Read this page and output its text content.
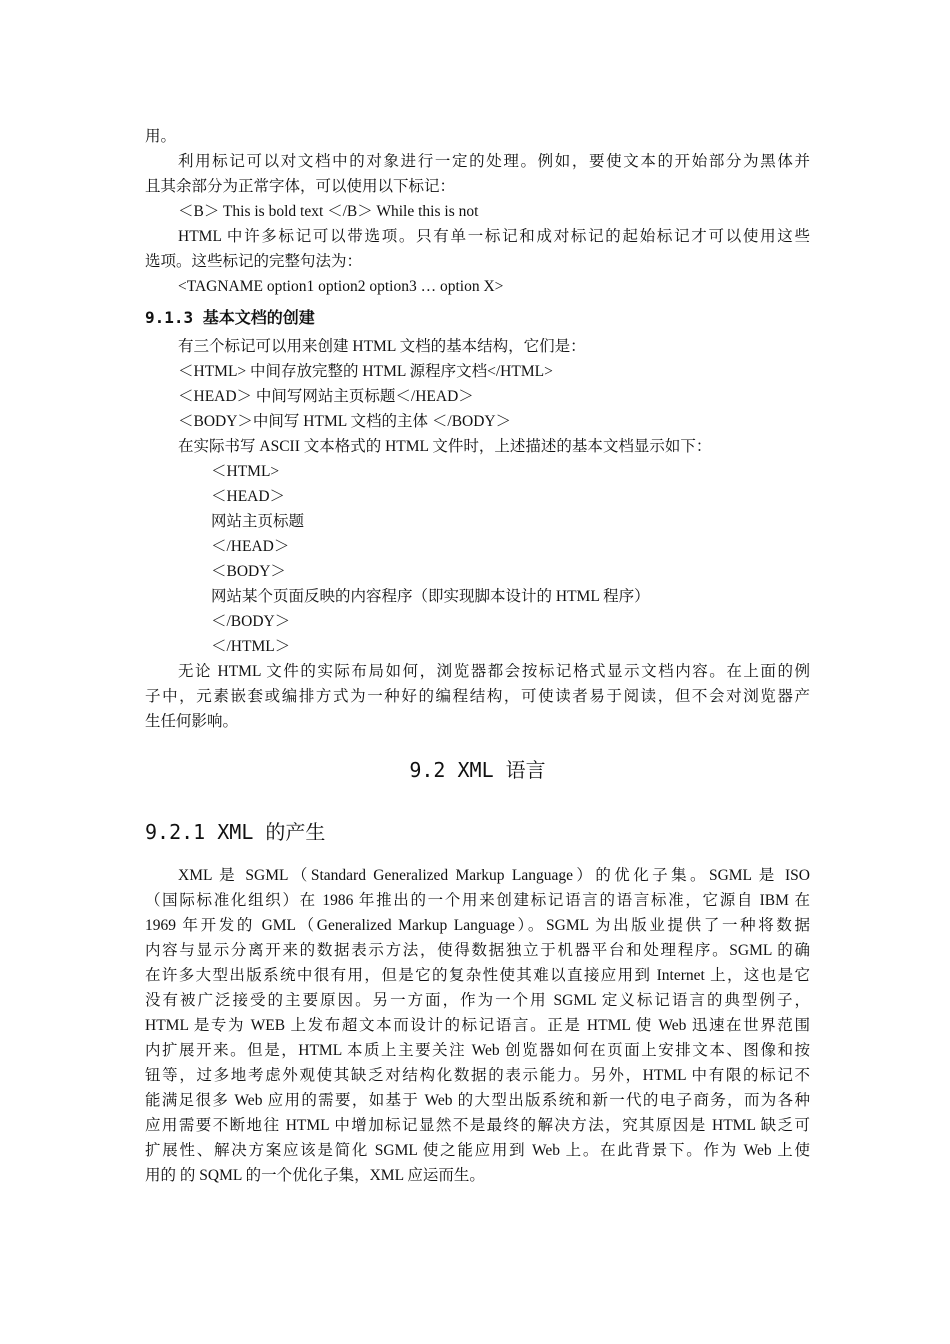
用。
利用标记可以对文档中的对象进行一定的处理。例如，要使文本的开始部分为黑体并
且其余部分为正常字体，可以使用以下标记：
＜B＞ This is bold text ＜/B＞ While this is not
HTML 中许多标记可以带选项。只有单一标记和成对标记的起始标记才可以使用这些
选项。这些标记的完整句法为：
<TAGNAME option1 option2 option3 … option X>
9.1.3 基本文档的创建
有三个标记可以用来创建 HTML 文档的基本结构，它们是：
＜HTML> 中间存放完整的 HTML 源程序文档</HTML>
＜HEAD＞ 中间写网站主页标题＜/HEAD＞
＜BODY＞中间写 HTML 文档的主体 ＜/BODY＞
在实际书写 ASCII 文本格式的 HTML 文件时，上述描述的基本文档显示如下：
＜HTML>
＜HEAD＞
网站主页标题
＜/HEAD＞
＜BODY＞
网站某个页面反映的内容程序（即实现脚本设计的 HTML 程序）
＜/BODY＞
＜/HTML＞
无论 HTML 文件的实际布局如何，浏览器都会按标记格式显示文档内容。在上面的例
子中，元素嵌套或编排方式为一种好的编程结构，可使读者易于阅读，但不会对浏览器产
生任何影响。
9.2 XML 语言
9.2.1 XML 的产生
XML 是 SGML（Standard Generalized Markup Language）的优化子集。SGML 是 ISO
（国际标准化组织）在 1986 年推出的一个用来创建标记语言的语言标准，它源自 IBM 在
1969 年开发的 GML（Generalized Markup Language）。SGML 为出版业提供了一种将数据
内容与显示分离开来的数据表示方法，使得数据独立于机器平台和处理程序。SGML 的确
在许多大型出版系统中很有用，但是它的复杂性使其难以直接应用到 Internet 上，这也是它
没有被广泛接受的主要原因。另一方面，作为一个用 SGML 定义标记语言的典型例子，
HTML 是专为 WEB 上发布超文本而设计的标记语言。正是 HTML 使 Web 迅速在世界范围
内扩展开来。但是，HTML 本质上主要关注 Web 创览器如何在页面上安排文本、图像和按
钮等，过多地考虑外观使其缺乏对结构化数据的表示能力。另外，HTML 中有限的标记不
能满足很多 Web 应用的需要，如基于 Web 的大型出版系统和新一代的电子商务，而为各种
应用需要不断地往 HTML 中增加标记显然不是最终的解决方法，究其原因是 HTML 缺乏可
扩展性、解决方案应该是简化 SGML 使之能应用到 Web 上。在此背景下。作为 Web 上使
用的 的 SQML 的一个优化子集，XML 应运而生。
